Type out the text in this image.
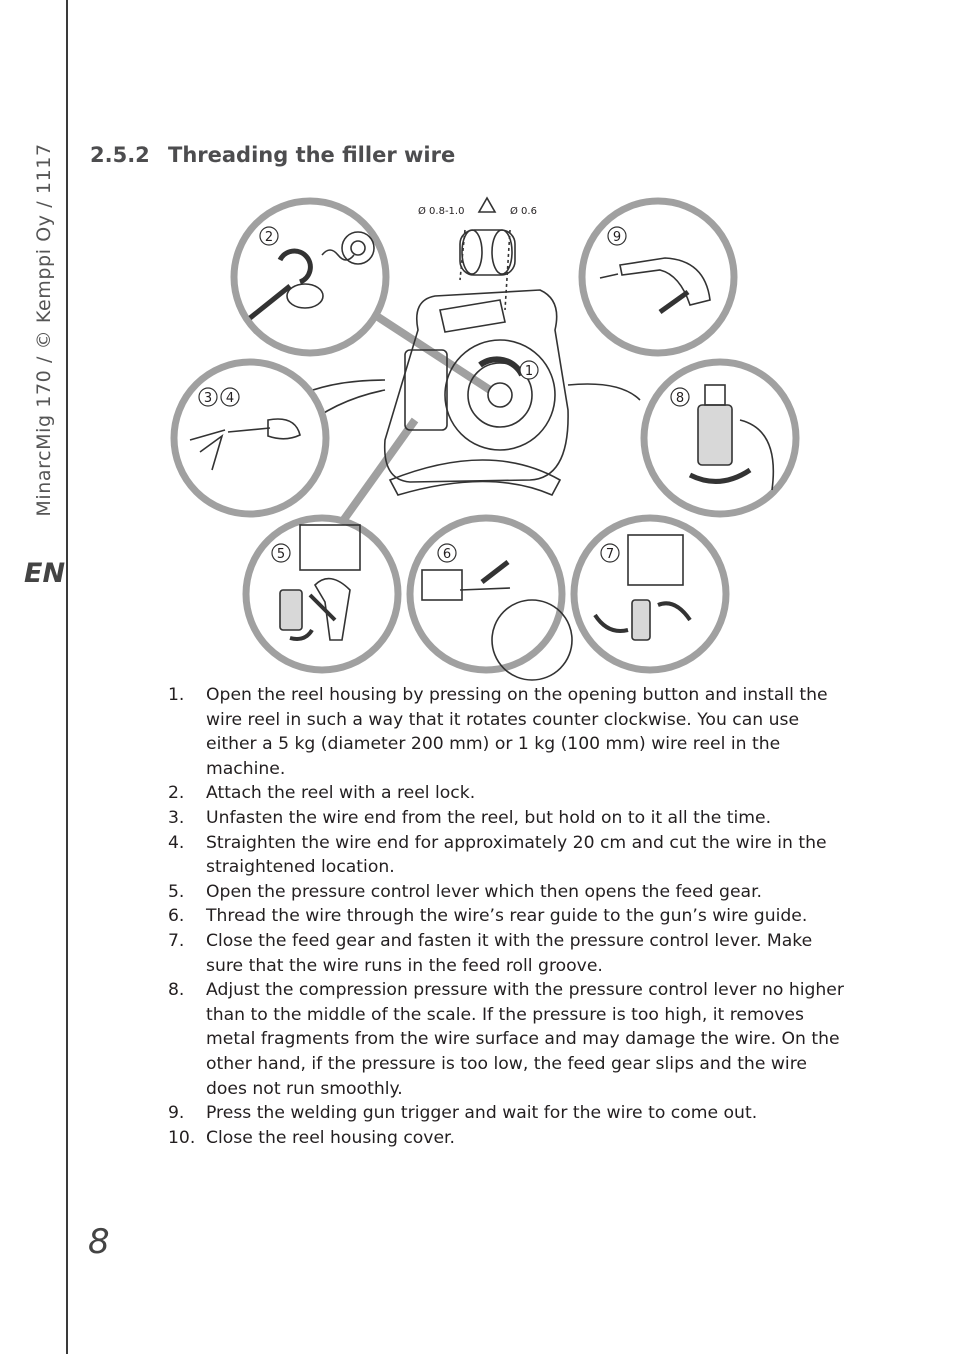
MinarcMig 170 / © Kemppi Oy / 1117
EN
8
2.5.2 Threading the filler wire
Ø 0.8-1.0	Ø 0.6
1
2
3 4
5	6	7
8
9
1.	Open the reel housing by pressing on the opening button and install the wire reel in such a way that it rotates counter clockwise. You can use either a 5 kg (diameter 200 mm) or 1 kg (100 mm) wire reel in the machine.
2.	Attach the reel with a reel lock.
3.	Unfasten the wire end from the reel, but hold on to it all the time.
4.	Straighten the wire end for approximately 20 cm and cut the wire in the straightened location.
5.	Open the pressure control lever which then opens the feed gear.
6.	Thread the wire through the wire’s rear guide to the gun’s wire guide.
7.	Close the feed gear and fasten it with the pressure control lever. Make sure that the wire runs in the feed roll groove.
8.	Adjust the compression pressure with the pressure control lever no higher than to the middle of the scale. If the pressure is too high, it removes metal fragments from the wire surface and may damage the wire. On the other hand, if the pressure is too low, the feed gear slips and the wire does not run smoothly.
9.	Press the welding gun trigger and wait for the wire to come out.
10. Close the reel housing cover.
